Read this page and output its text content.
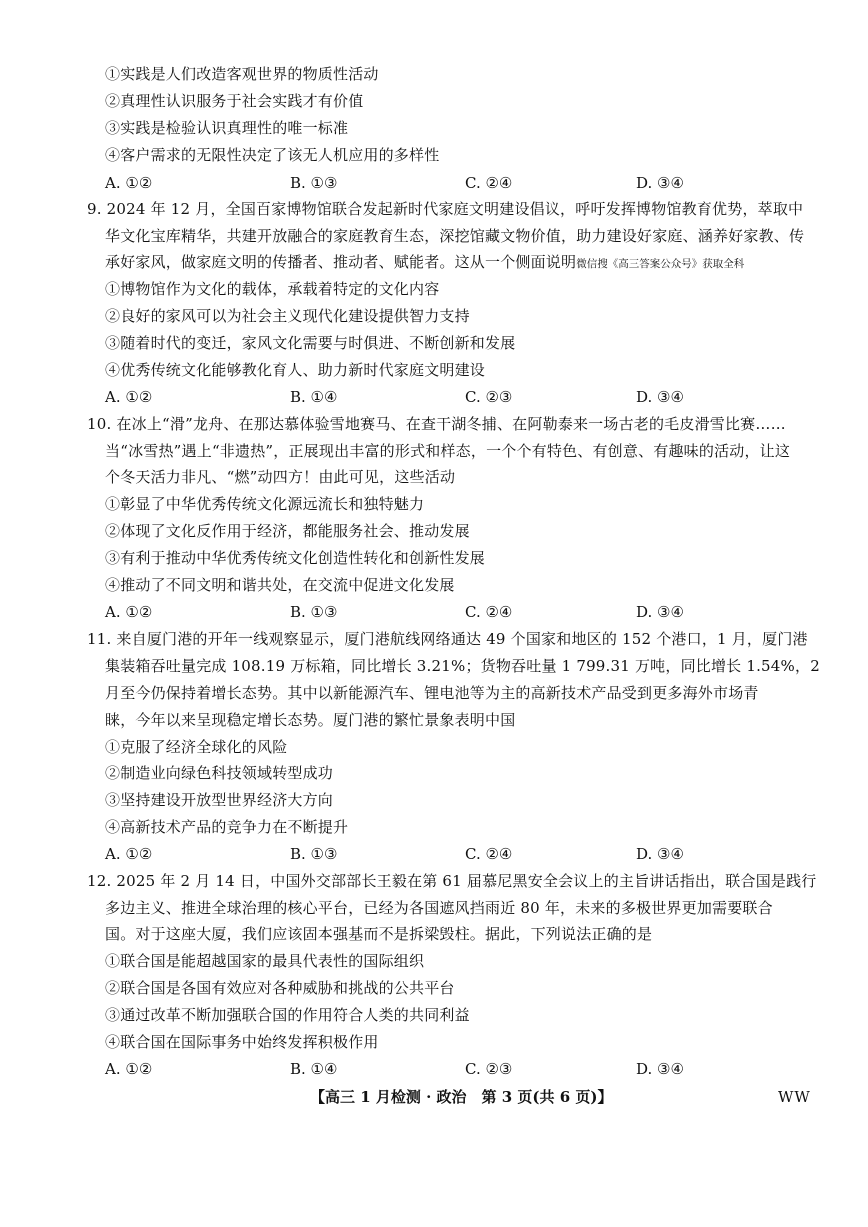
①实践是人们改造客观世界的物质性活动
②真理性认识服务于社会实践才有价值
③实践是检验认识真理性的唯一标准
④客户需求的无限性决定了该无人机应用的多样性
A. ①②	B. ①③	C. ②④	D. ③④
9. 2024 年 12 月，全国百家博物馆联合发起新时代家庭文明建设倡议，呼吁发挥博物馆教育优势，萃取中
华文化宝库精华，共建开放融合的家庭教育生态，深挖馆藏文物价值，助力建设好家庭、涵养好家教、传
承好家风，做家庭文明的传播者、推动者、赋能者。这从一个侧面说明微信搜《高三答案公众号》获取全科
①博物馆作为文化的载体，承载着特定的文化内容
②良好的家风可以为社会主义现代化建设提供智力支持
③随着时代的变迁，家风文化需要与时俱进、不断创新和发展
④优秀传统文化能够教化育人、助力新时代家庭文明建设
A. ①②	B. ①④	C. ②③	D. ③④
10. 在冰上“滑”龙舟、在那达慕体验雪地赛马、在查干湖冬捕、在阿勒泰来一场古老的毛皮滑雪比赛……
当“冰雪热”遇上“非遗热”，正展现出丰富的形式和样态，一个个有特色、有创意、有趣味的活动，让这
个冬天活力非凡、“燃”动四方！由此可见，这些活动
①彰显了中华优秀传统文化源远流长和独特魅力
②体现了文化反作用于经济，都能服务社会、推动发展
③有利于推动中华优秀传统文化创造性转化和创新性发展
④推动了不同文明和谐共处，在交流中促进文化发展
A. ①②	B. ①③	C. ②④	D. ③④
11. 来自厦门港的开年一线观察显示，厦门港航线网络通达 49 个国家和地区的 152 个港口，1 月，厦门港
集装箱吞吐量完成 108.19 万标箱，同比增长 3.21%；货物吞吐量 1 799.31 万吨，同比增长 1.54%，2
月至今仍保持着增长态势。其中以新能源汽车、锂电池等为主的高新技术产品受到更多海外市场青
睐，今年以来呈现稳定增长态势。厦门港的繁忙景象表明中国
①克服了经济全球化的风险
②制造业向绿色科技领域转型成功
③坚持建设开放型世界经济大方向
④高新技术产品的竞争力在不断提升
A. ①②	B. ①③	C. ②④	D. ③④
12. 2025 年 2 月 14 日，中国外交部部长王毅在第 61 届慕尼黑安全会议上的主旨讲话指出，联合国是践行
多边主义、推进全球治理的核心平台，已经为各国遮风挡雨近 80 年，未来的多极世界更加需要联合
国。对于这座大厦，我们应该固本强基而不是拆梁毁柱。据此，下列说法正确的是
①联合国是能超越国家的最具代表性的国际组织
②联合国是各国有效应对各种威胁和挑战的公共平台
③通过改革不断加强联合国的作用符合人类的共同利益
④联合国在国际事务中始终发挥积极作用
A. ①②	B. ①④	C. ②③	D. ③④
【高三 1 月检测 · 政治　第 3 页(共 6 页)】	WW
